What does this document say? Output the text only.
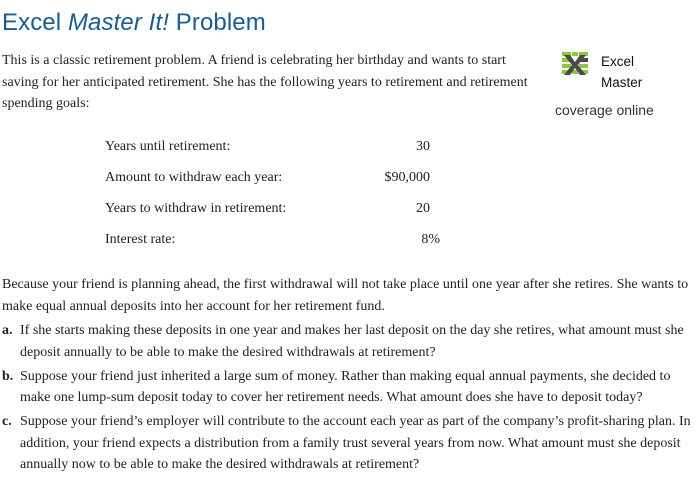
Excel Master It! Problem

This is a classic retirement problem. A friend is celebrating her birthday and wants to start saving for her anticipated retirement. She has the following years to retirement and retirement spending goals:

Excel
Master
coverage online
Years until retirement:	30
Amount to withdraw each year:	$90,000
Years to withdraw in retirement:	20
Interest rate:	8%

Because your friend is planning ahead, the first withdrawal will not take place until one year after she retires. She wants to make equal annual deposits into her account for her retirement fund.

a. If she starts making these deposits in one year and makes her last deposit on the day she retires, what amount must she deposit annually to be able to make the desired withdrawals at retirement?
b. Suppose your friend just inherited a large sum of money. Rather than making equal annual payments, she decided to make one lump-sum deposit today to cover her retirement needs. What amount does she have to deposit today?
c. Suppose your friend’s employer will contribute to the account each year as part of the company’s profit-sharing plan. In addition, your friend expects a distribution from a family trust several years from now. What amount must she deposit annually now to be able to make the desired withdrawals at retirement?
